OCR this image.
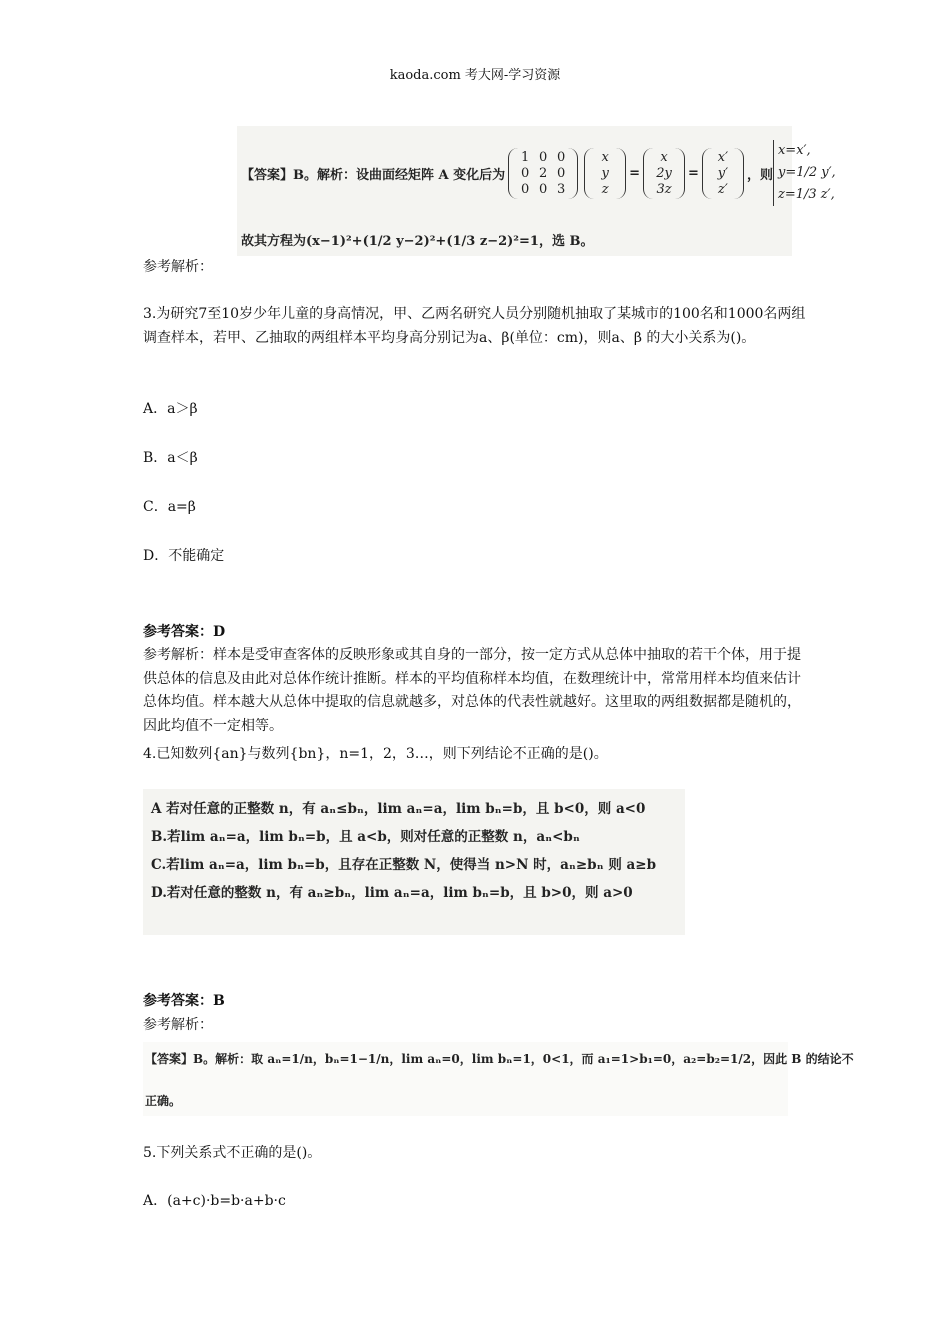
kaoda.com 考大网-学习资源
【答案】B。解析：设曲面经矩阵 A 变化后为
1 0 0
0 2 0
0 0 3
x
y
z
=
x
2y
3z
=
x′
y′
z′
，则
x=x′,
y=1/2 y′,
z=1/3 z′,
故其方程为(x−1)²+(1/2 y−2)²+(1/3 z−2)²=1，选 B。
参考解析：
3.为研究7至10岁少年儿童的身高情况，甲、乙两名研究人员分别随机抽取了某城市的100名和1000名两组调查样本，若甲、乙抽取的两组样本平均身高分别记为a、β(单位：cm)，则a、β 的大小关系为()。
A．a＞β
B．a＜β
C．a=β
D．不能确定
参考答案：D
参考解析：样本是受审查客体的反映形象或其自身的一部分，按一定方式从总体中抽取的若干个体，用于提供总体的信息及由此对总体作统计推断。样本的平均值称样本均值，在数理统计中，常常用样本均值来估计总体均值。样本越大从总体中提取的信息就越多，对总体的代表性就越好。这里取的两组数据都是随机的，因此均值不一定相等。
4.已知数列{an}与数列{bn}，n=1，2，3…，则下列结论不正确的是()。

A 若对任意的正整数 n，有 aₙ≤bₙ，lim aₙ=a，lim bₙ=b，且 b<0，则 a<0

B.若lim aₙ=a，lim bₙ=b，且 a<b，则对任意的正整数 n，aₙ<bₙ

C.若lim aₙ=a，lim bₙ=b，且存在正整数 N，使得当 n>N 时，aₙ≥bₙ 则 a≥b

D.若对任意的整数 n，有 aₙ≥bₙ，lim aₙ=a，lim bₙ=b，且 b>0，则 a>0

参考答案：B
参考解析：
【答案】B。解析：取 aₙ=1/n，bₙ=1−1/n，lim aₙ=0，lim bₙ=1，0<1，而 a₁=1>b₁=0，a₂=b₂=1/2，因此 B 的结论不
正确。
5.下列关系式不正确的是()。
A．(a+c)·b=b·a+b·c
